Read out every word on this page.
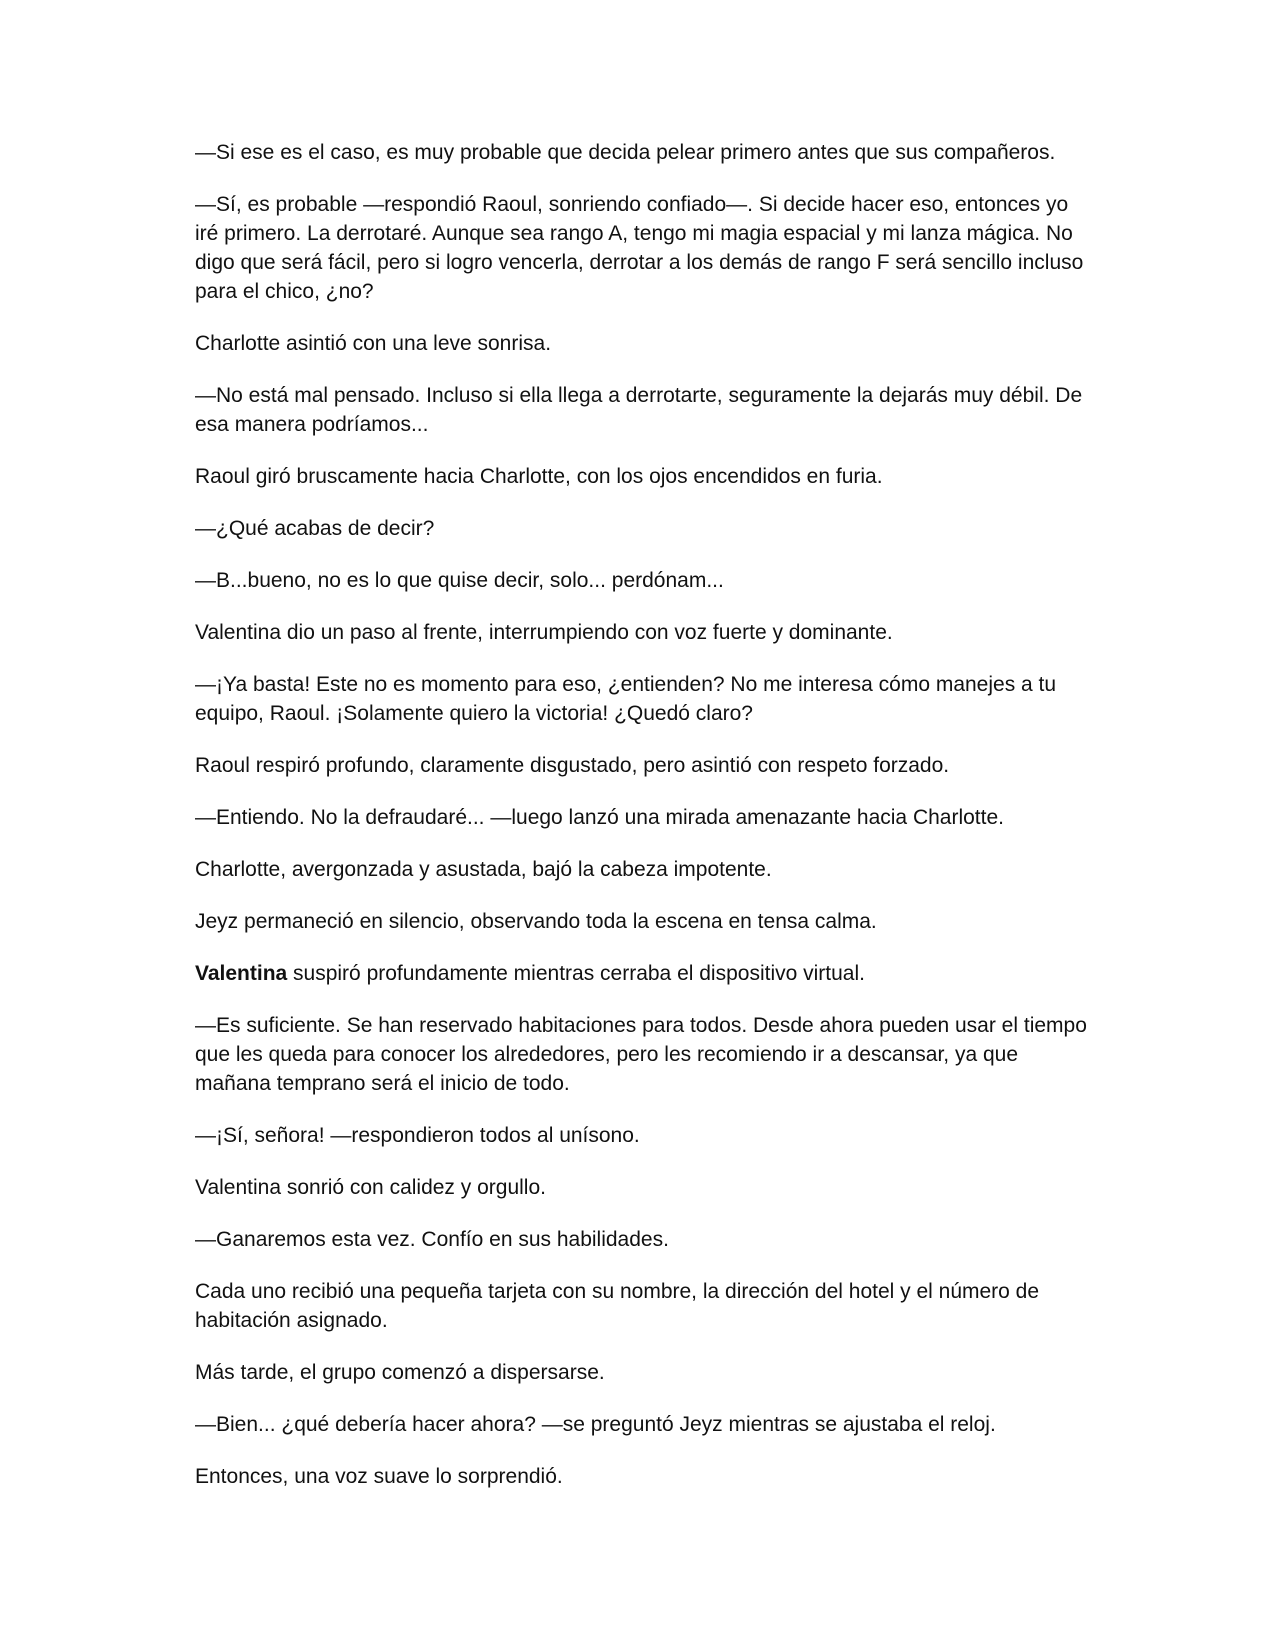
—Si ese es el caso, es muy probable que decida pelear primero antes que sus compañeros.

—Sí, es probable —respondió Raoul, sonriendo confiado—. Si decide hacer eso, entonces yo iré primero. La derrotaré. Aunque sea rango A, tengo mi magia espacial y mi lanza mágica. No digo que será fácil, pero si logro vencerla, derrotar a los demás de rango F será sencillo incluso para el chico, ¿no?

Charlotte asintió con una leve sonrisa.

—No está mal pensado. Incluso si ella llega a derrotarte, seguramente la dejarás muy débil. De esa manera podríamos...

Raoul giró bruscamente hacia Charlotte, con los ojos encendidos en furia.

—¿Qué acabas de decir?

—B...bueno, no es lo que quise decir, solo... perdónam...

Valentina dio un paso al frente, interrumpiendo con voz fuerte y dominante.

—¡Ya basta! Este no es momento para eso, ¿entienden? No me interesa cómo manejes a tu equipo, Raoul. ¡Solamente quiero la victoria! ¿Quedó claro?

Raoul respiró profundo, claramente disgustado, pero asintió con respeto forzado.

—Entiendo. No la defraudaré... —luego lanzó una mirada amenazante hacia Charlotte.

Charlotte, avergonzada y asustada, bajó la cabeza impotente.

Jeyz permaneció en silencio, observando toda la escena en tensa calma.

Valentina suspiró profundamente mientras cerraba el dispositivo virtual.

—Es suficiente. Se han reservado habitaciones para todos. Desde ahora pueden usar el tiempo que les queda para conocer los alrededores, pero les recomiendo ir a descansar, ya que mañana temprano será el inicio de todo.

—¡Sí, señora! —respondieron todos al unísono.

Valentina sonrió con calidez y orgullo.

—Ganaremos esta vez. Confío en sus habilidades.

Cada uno recibió una pequeña tarjeta con su nombre, la dirección del hotel y el número de habitación asignado.

Más tarde, el grupo comenzó a dispersarse.

—Bien... ¿qué debería hacer ahora? —se preguntó Jeyz mientras se ajustaba el reloj.

Entonces, una voz suave lo sorprendió.
